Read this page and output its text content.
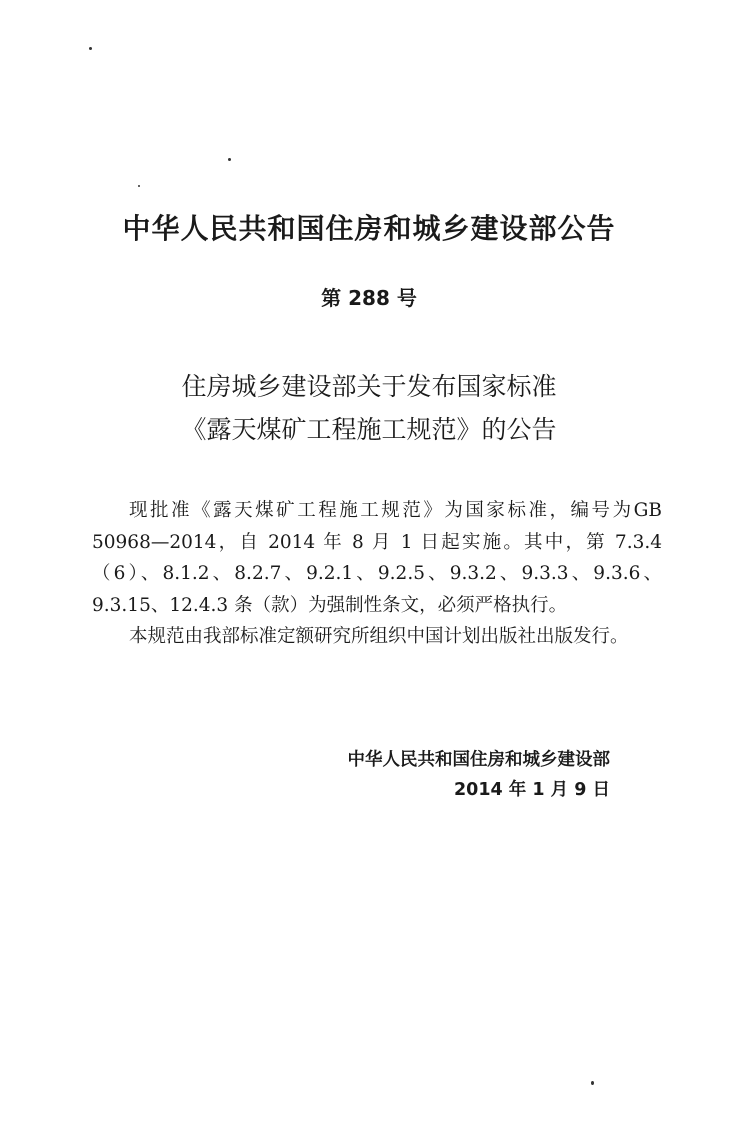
中华人民共和国住房和城乡建设部公告
第 288 号
住房城乡建设部关于发布国家标准
《露天煤矿工程施工规范》的公告

现批准《露天煤矿工程施工规范》为国家标准，编号为GB 50968—2014，自 2014 年 8 月 1 日起实施。其中，第 7.3.4（6）、8.1.2、8.2.7、9.2.1、9.2.5、9.3.2、9.3.3、9.3.6、9.3.15、12.4.3 条（款）为强制性条文，必须严格执行。

本规范由我部标准定额研究所组织中国计划出版社出版发行。

中华人民共和国住房和城乡建设部
2014 年 1 月 9 日
